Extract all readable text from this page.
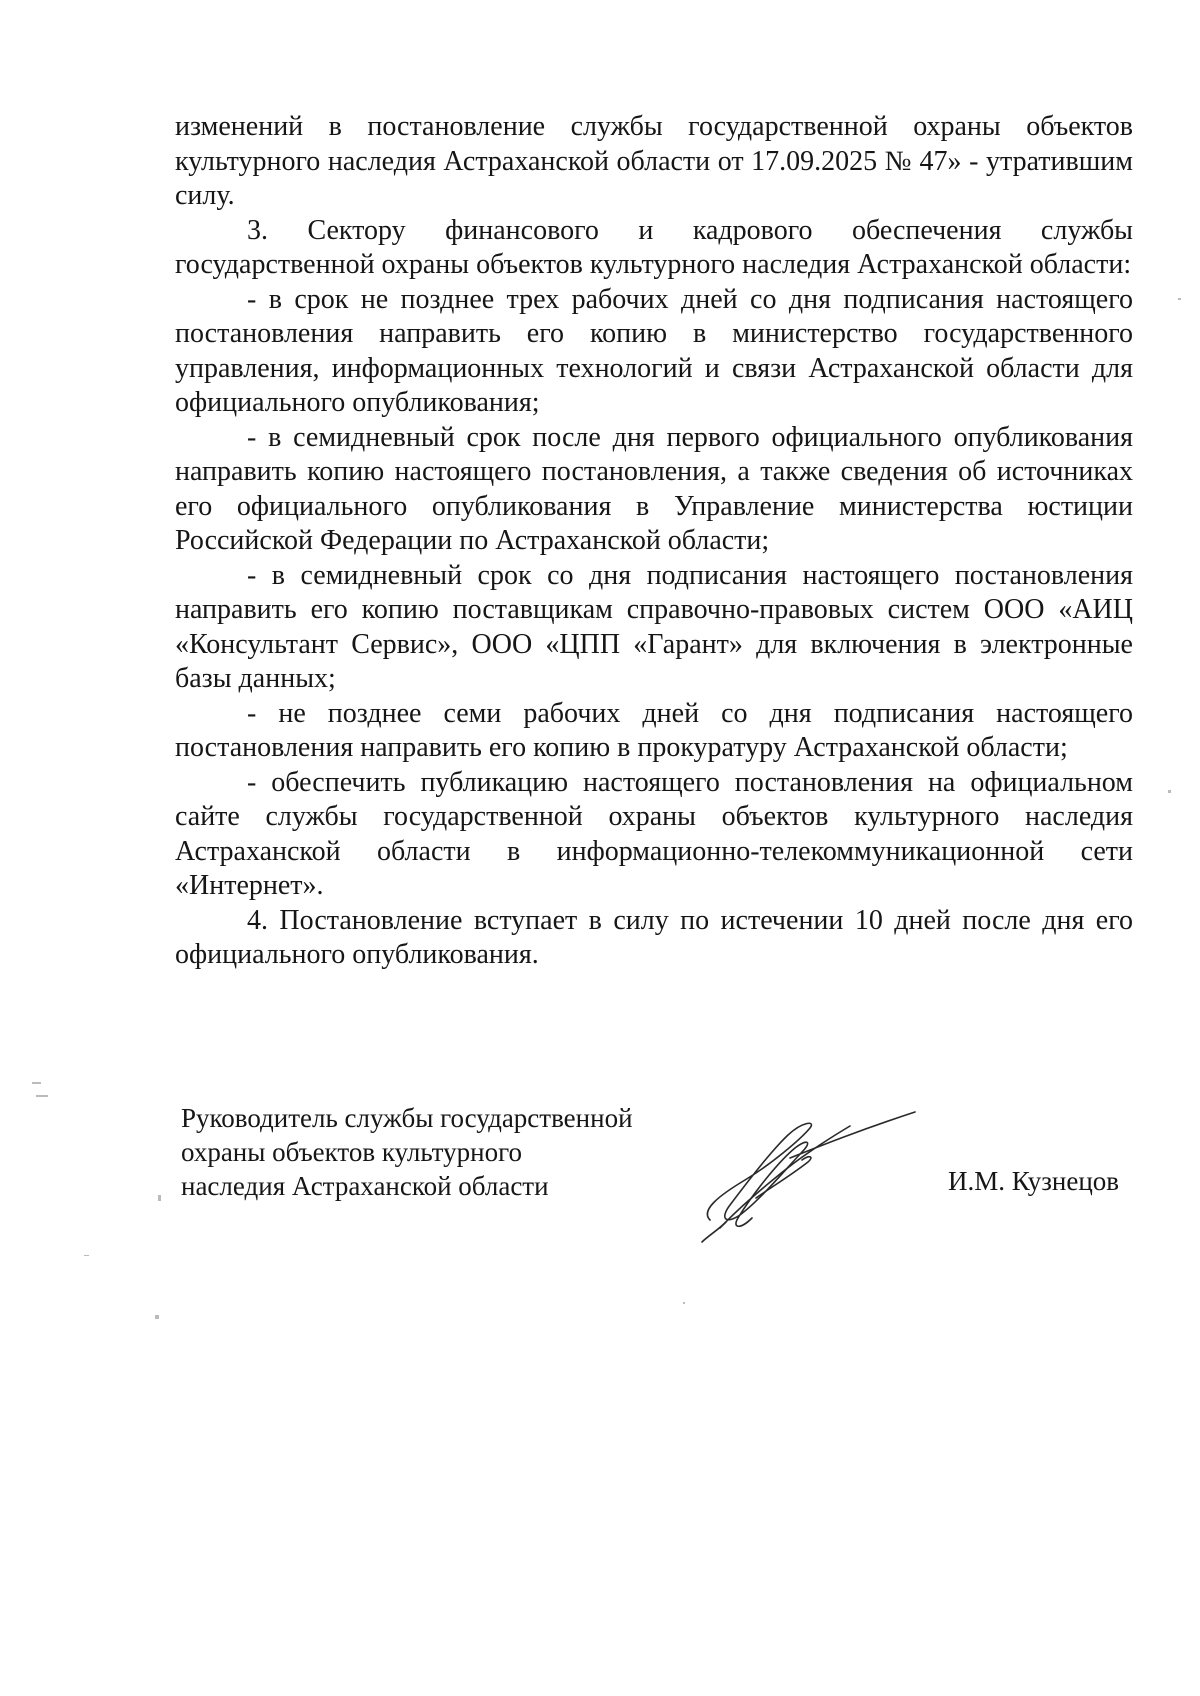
изменений в постановление службы государственной охраны объектов культурного наследия Астраханской области от 17.09.2025 № 47» - утратившим силу.

3. Сектору финансового и кадрового обеспечения службы государственной охраны объектов культурного наследия Астраханской области:

- в срок не позднее трех рабочих дней со дня подписания настоящего постановления направить его копию в министерство государственного управления, информационных технологий и связи Астраханской области для официального опубликования;

- в семидневный срок после дня первого официального опубликования направить копию настоящего постановления, а также сведения об источниках его официального опубликования в Управление министерства юстиции Российской Федерации по Астраханской области;

- в семидневный срок со дня подписания настоящего постановления направить его копию поставщикам справочно-правовых систем ООО «АИЦ «Консультант Сервис», ООО «ЦПП «Гарант» для включения в электронные базы данных;

- не позднее семи рабочих дней со дня подписания настоящего постановления направить его копию в прокуратуру Астраханской области;

- обеспечить публикацию настоящего постановления на официальном сайте службы государственной охраны объектов культурного наследия Астраханской области в информационно-телекоммуникационной сети «Интернет».

4. Постановление вступает в силу по истечении 10 дней после дня его официального опубликования.

Руководитель службы государственной
охраны объектов культурного
наследия Астраханской области	И.М. Кузнецов
